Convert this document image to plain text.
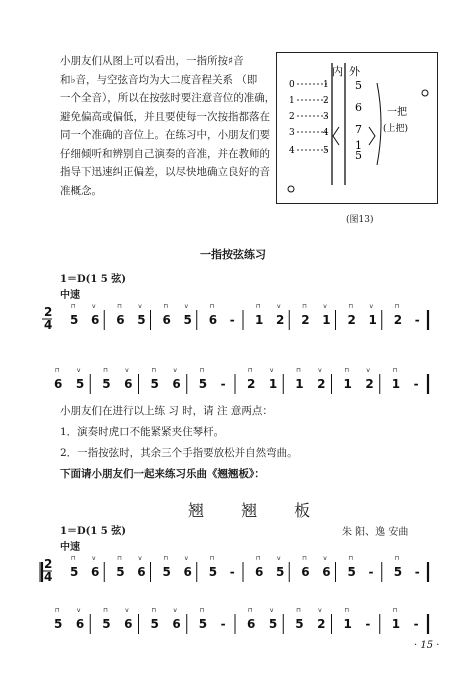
小朋友们从图上可以看出，一指所按♯音
和♭音，与空弦音均为大二度音程关系 （即
一个全音），所以在按弦时要注意音位的准确，
避免偏高或偏低，并且要使每一次按指都落在
同一个准确的音位上。在练习中，小朋友们要
仔细倾听和辨别自己演奏的音准，并在教师的
指导下迅速纠正偏差，以尽快地确立良好的音
准概念。
内 外
0	1
1	2
2	3
3	4
4	5
5
6
7
1
5
一把
(上把)
(图13)
一指按弦练习
1＝D(1 5 弦)
中速
2
4 5
⊓
6
v
6
⊓
5
v
6
⊓
5
v
6
⊓
- 1
⊓
2
v
2
⊓
1
v
2
⊓
1
v
2
⊓
-
6
⊓
5
v
5
⊓
6
v
5
⊓
6
v
5
⊓
- 2
⊓
1
v
1
⊓
2
v
1
⊓
2
v
1
⊓
-
小朋友们在进行以上练 习 时，请 注 意两点：
1．演奏时虎口不能紧紧夹住琴杆。
2．一指按弦时，其余三个手指要放松并自然弯曲。
下面请小朋友们一起来练习乐曲《翘翘板》：
翘 翘 板
朱 阳、逸 安曲
1＝D(1 5 弦)
中速
2
4 5
⊓
6
v
5
⊓
6
v
5
⊓
6
v
5
⊓
- 6
⊓
5
v
6
⊓
6
v
5
⊓
- 5
⊓
-
5
⊓
6
v
5
⊓
6
v
5
⊓
6
v
5
⊓
- 6
⊓
5
v
5
⊓
2
v
1
⊓
- 1
⊓
-
· 15 ·
